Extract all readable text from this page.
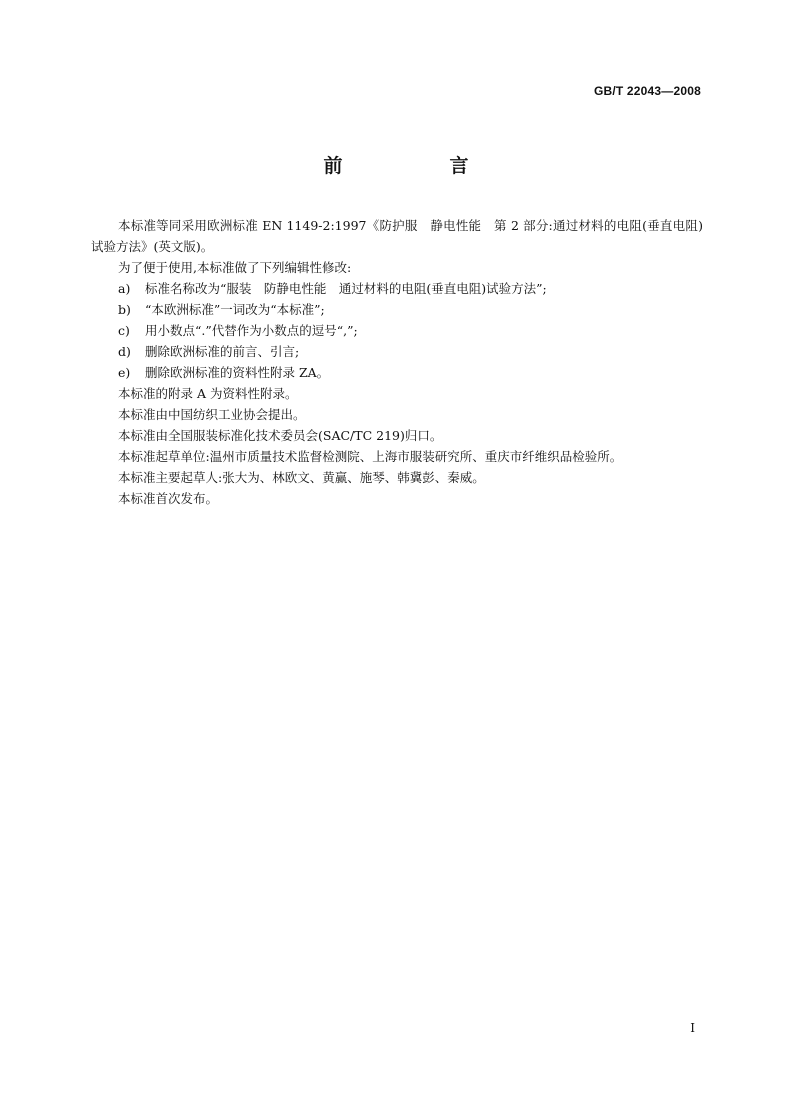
GB/T 22043—2008
前　言

本标准等同采用欧洲标准 EN 1149-2:1997《防护服　静电性能　第 2 部分:通过材料的电阻(垂直电阻)试验方法》(英文版)。

为了便于使用,本标准做了下列编辑性修改:

a)	标准名称改为“服装　防静电性能　通过材料的电阻(垂直电阻)试验方法”;
b)	“本欧洲标准”一词改为“本标准”;
c)	用小数点“.”代替作为小数点的逗号“,”;
d)	删除欧洲标准的前言、引言;
e)	删除欧洲标准的资料性附录 ZA。

本标准的附录 A 为资料性附录。

本标准由中国纺织工业协会提出。

本标准由全国服装标准化技术委员会(SAC/TC 219)归口。

本标准起草单位:温州市质量技术监督检测院、上海市服装研究所、重庆市纤维织品检验所。

本标准主要起草人:张大为、林欧文、黄赢、施琴、韩冀彭、秦威。

本标准首次发布。

I
